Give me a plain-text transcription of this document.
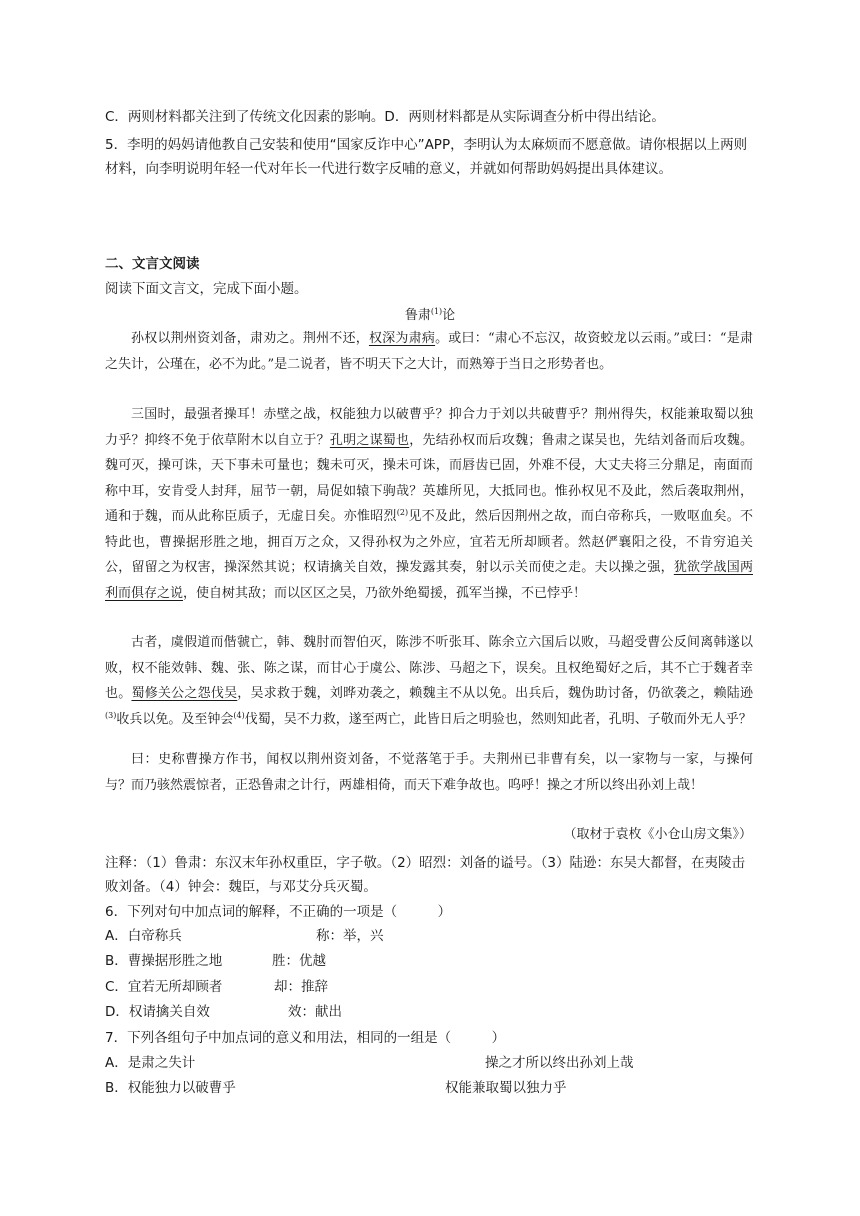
C．两则材料都关注到了传统文化因素的影响。D．两则材料都是从实际调查分析中得出结论。
5．李明的妈妈请他教自己安装和使用“国家反诈中心”APP，李明认为太麻烦而不愿意做。请你根据以上两则材料，向李明说明年轻一代对年长一代进行数字反哺的意义，并就如何帮助妈妈提出具体建议。
二、文言文阅读
阅读下面文言文，完成下面小题。
鲁肃$^{(1)}$论
孙权以荆州资刘备，肃劝之。荆州不还，权深为肃病。或曰：“肃心不忘汉，故资蛟龙以云雨。”或曰：“是肃之失计，公瑾在，必不为此。”是二说者，皆不明天下之大计，而熟筹于当日之形势者也。
三国时，最强者操耳！赤壁之战，权能独力以破曹乎？抑合力于刘以共破曹乎？荆州得失，权能兼取蜀以独力乎？抑终不免于依草附木以自立于？孔明之谋蜀也，先结孙权而后攻魏；鲁肃之谋吴也，先结刘备而后攻魏。魏可灭，操可诛，天下事未可量也；魏未可灭，操未可诛，而唇齿已固，外难不侵，大丈夫将三分鼎足，南面而称中耳，安肯受人封拜，屈节一朝，局促如辕下驹哉？英雄所见，大抵同也。惟孙权见不及此，然后袭取荆州，通和于魏，而从此称臣质子，无虚日矣。亦惟昭烈$^{(2)}$见不及此，然后因荆州之故，而白帝称兵，一败呕血矣。不特此也，曹操据形胜之地，拥百万之众，又得孙权为之外应，宜若无所却顾者。然赵俨襄阳之役，不肯穷追关公，留留之为权害，操深然其说；权请擒关自效，操发露其奏，射以示关而使之走。夫以操之强，犹欲学战国两利而俱存之说，使自树其敌；而以区区之吴，乃欲外绝蜀援，孤军当操，不已悖乎！
古者，虞假道而偕虢亡，韩、魏肘而智伯灭，陈涉不听张耳、陈余立六国后以败，马超受曹公反间离韩遂以败，权不能效韩、魏、张、陈之谋，而甘心于虞公、陈涉、马超之下，误矣。且权绝蜀好之后，其不亡于魏者幸也。蜀修关公之怨伐吴，吴求救于魏，刘晔劝袭之，赖魏主不从以免。出兵后，魏伪助讨备，仍欲袭之，赖陆逊$^{(3)}$收兵以免。及至钟会$^{(4)}$伐蜀，吴不力救，遂至两亡，此皆日后之明验也，然则知此者，孔明、子敬而外无人乎？
曰：史称曹操方作书，闻权以荆州资刘备，不觉落笔于手。夫荆州已非曹有矣，以一家物与一家，与操何与？而乃骇然震惊者，正恐鲁肃之计行，两雄相倚，而天下难争故也。呜呼！操之才所以终出孙刘上哉！
（取材于袁枚《小仓山房文集》）
注释：（1）鲁肃：东汉末年孙权重臣，字子敬。（2）昭烈：刘备的谥号。（3）陆逊：东吴大都督，在夷陵击败刘备。（4）钟会：魏臣，与邓艾分兵灭蜀。
6．下列对句中加点词的解释，不正确的一项是（　　　）
A．白帝称兵	称：举，兴
B．曹操据形胜之地	胜：优越
C．宜若无所却顾者	却：推辞
D．权请擒关自效	效：献出
7．下列各组句子中加点词的意义和用法，相同的一组是（　　　）
A．是肃之失计	操之才所以终出孙刘上哉
B．权能独力以破曹乎	权能兼取蜀以独力乎
